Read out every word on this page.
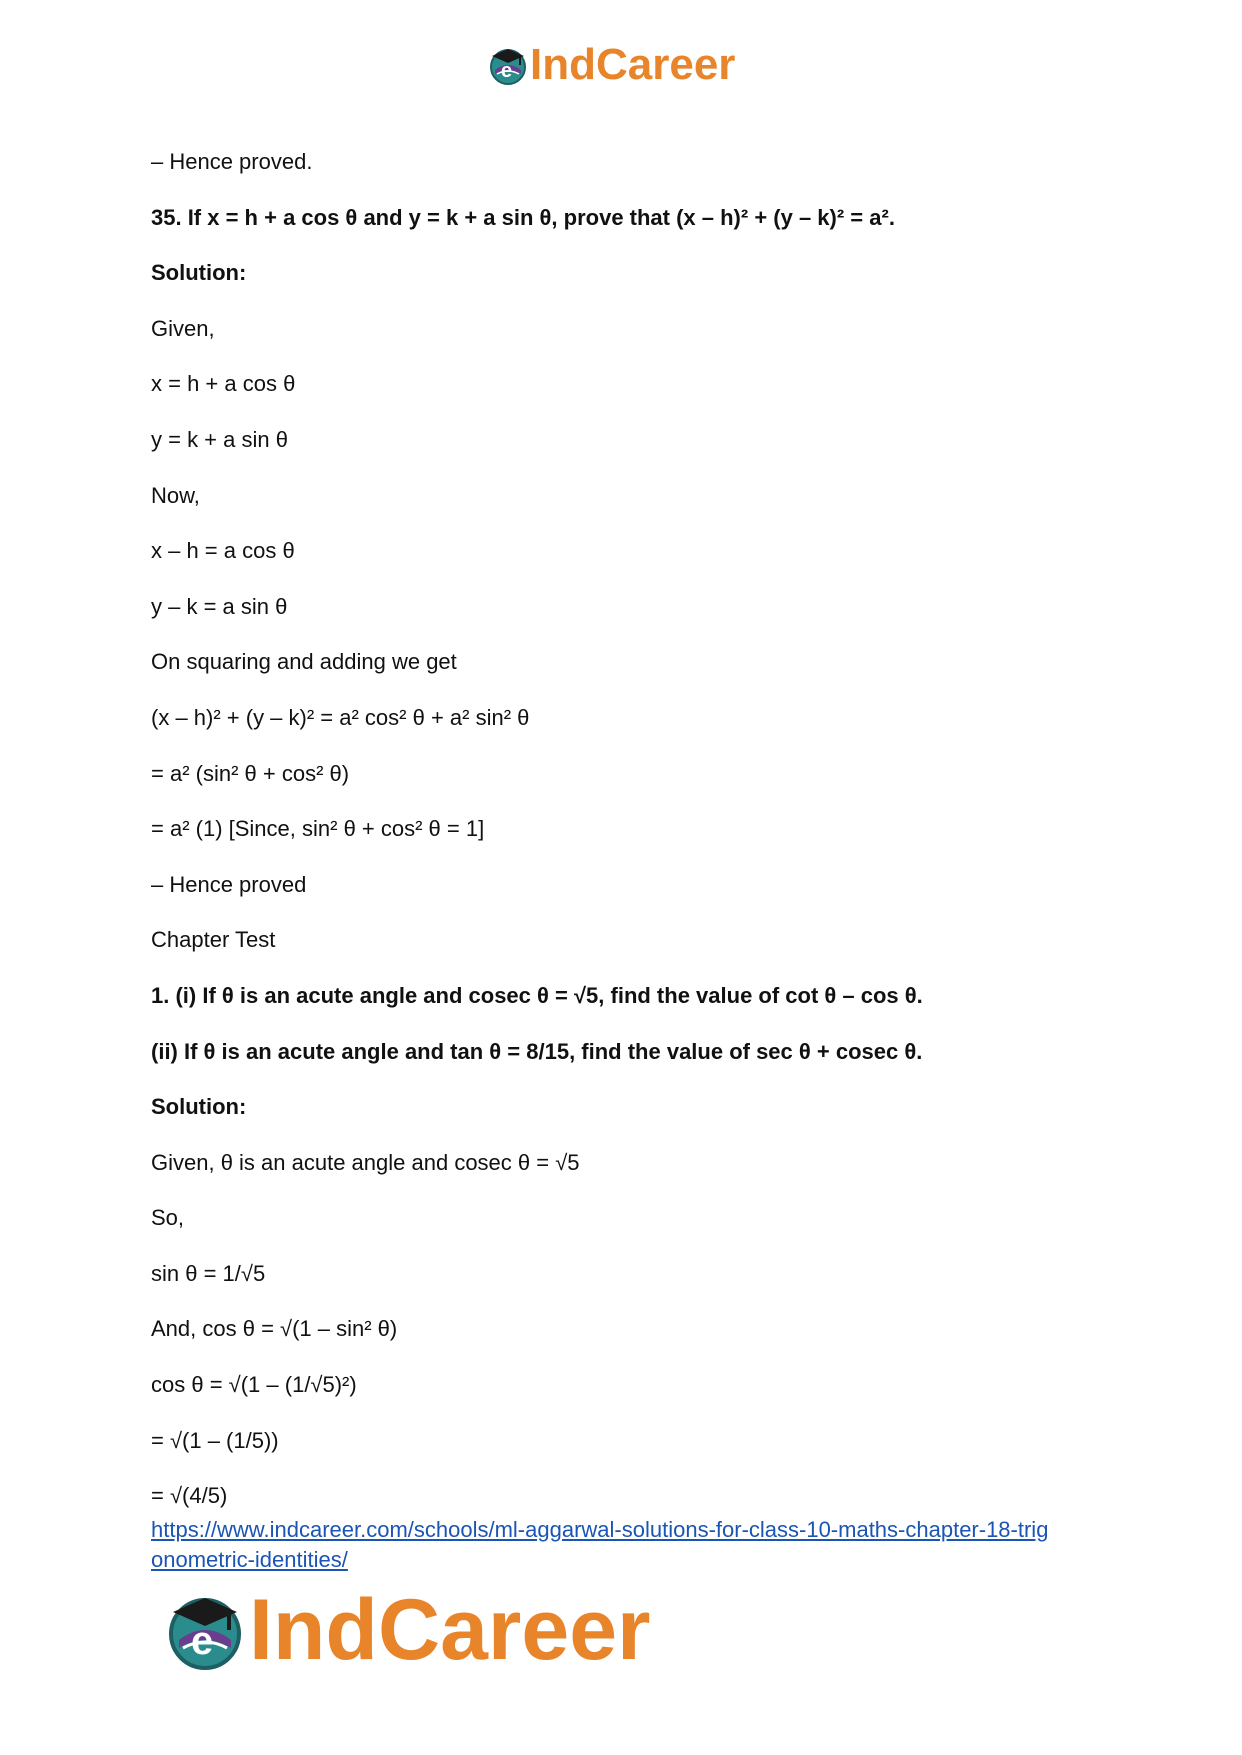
e IndCareer
– Hence proved.
35. If x = h + a cos θ and y = k + a sin θ, prove that (x – h)² + (y – k)² = a².
Solution:
Given,
x = h + a cos θ
y = k + a sin θ
Now,
x – h = a cos θ
y – k = a sin θ
On squaring and adding we get
(x – h)² + (y – k)² = a² cos² θ + a² sin² θ
= a² (sin² θ + cos² θ)
= a² (1) [Since, sin² θ + cos² θ = 1]
– Hence proved
Chapter Test
1. (i) If θ is an acute angle and cosec θ = √5, find the value of cot θ – cos θ.
(ii) If θ is an acute angle and tan θ = 8/15, find the value of sec θ + cosec θ.
Solution:
Given, θ is an acute angle and cosec θ = √5
So,
sin θ = 1/√5
And, cos θ = √(1 – sin² θ)
cos θ = √(1 – (1/√5)²)
= √(1 – (1/5))
= √(4/5)
https://www.indcareer.com/schools/ml-aggarwal-solutions-for-class-10-maths-chapter-18-trig
onometric-identities/
e IndCareer
